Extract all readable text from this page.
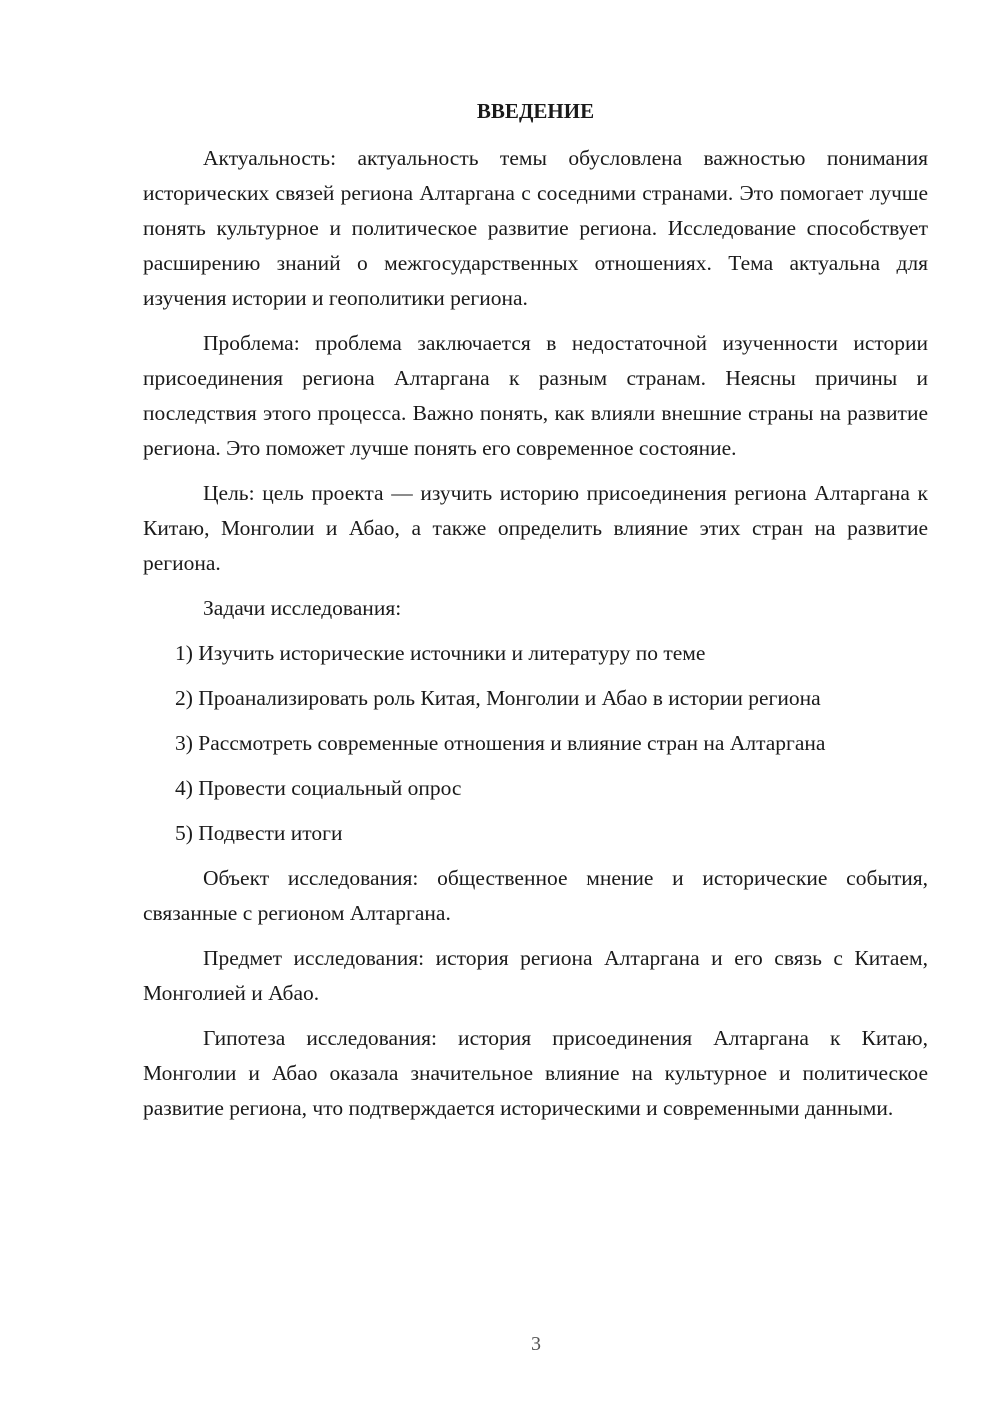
ВВЕДЕНИЕ

Актуальность: актуальность темы обусловлена важностью понимания исторических связей региона Алтаргана с соседними странами. Это помогает лучше понять культурное и политическое развитие региона. Исследование способствует расширению знаний о межгосударственных отношениях. Тема актуальна для изучения истории и геополитики региона.

Проблема: проблема заключается в недостаточной изученности истории присоединения региона Алтаргана к разным странам. Неясны причины и последствия этого процесса. Важно понять, как влияли внешние страны на развитие региона. Это поможет лучше понять его современное состояние.

Цель: цель проекта — изучить историю присоединения региона Алтаргана к Китаю, Монголии и Абао, а также определить влияние этих стран на развитие региона.

Задачи исследования:

1) Изучить исторические источники и литературу по теме

2) Проанализировать роль Китая, Монголии и Абао в истории региона

3) Рассмотреть современные отношения и влияние стран на Алтаргана

4) Провести социальный опрос

5) Подвести итоги

Объект исследования: общественное мнение и исторические события, связанные с регионом Алтаргана.

Предмет исследования: история региона Алтаргана и его связь с Китаем, Монголией и Абао.

Гипотеза исследования: история присоединения Алтаргана к Китаю, Монголии и Абао оказала значительное влияние на культурное и политическое развитие региона, что подтверждается историческими и современными данными.

3
